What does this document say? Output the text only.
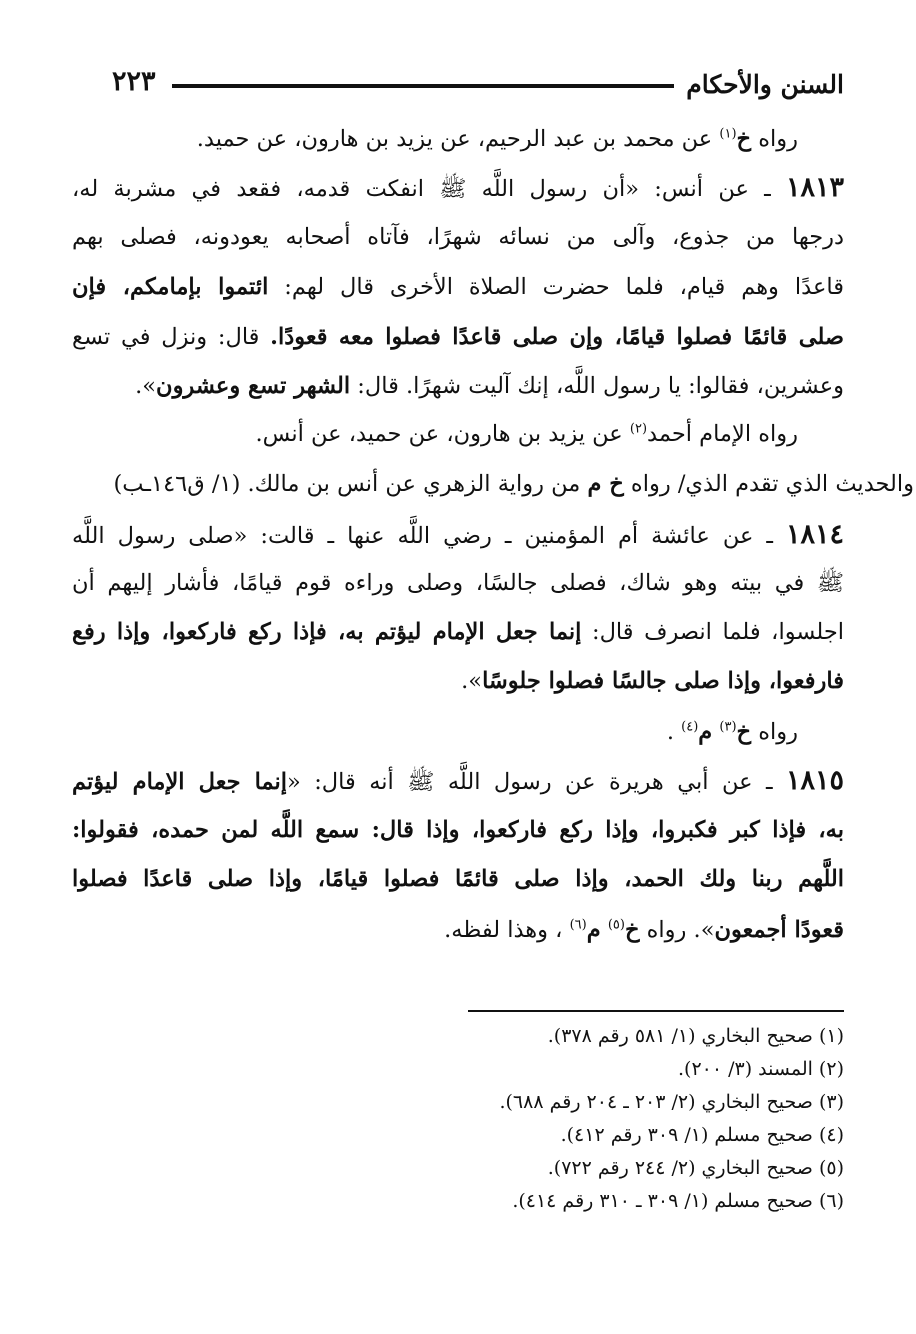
السنن والأحكام
٢٢٣
رواه خ$^{(١)}$ عن محمد بن عبد الرحيم، عن يزيد بن هارون، عن حميد.
١٨١٣ ـ عن أنس: «أن رسول اللَّه ﷺ انفكت قدمه، فقعد في مشربة له،
درجها من جذوع، وآلى من نسائه شهرًا، فآتاه أصحابه يعودونه، فصلى بهم
قاعدًا وهم قيام، فلما حضرت الصلاة الأخرى قال لهم: ائتموا بإمامكم، فإن
صلى قائمًا فصلوا قيامًا، وإن صلى قاعدًا فصلوا معه قعودًا. قال: ونزل في تسع
وعشرين، فقالوا: يا رسول اللَّه، إنك آليت شهرًا. قال: الشهر تسع وعشرون».
رواه الإمام أحمد$^{(٢)}$ عن يزيد بن هارون، عن حميد، عن أنس.
والحديث الذي تقدم الذي/ رواه خ م من رواية الزهري عن أنس بن مالك. (١/ ق١٤٦ـب)
١٨١٤ ـ عن عائشة أم المؤمنين ـ رضي اللَّه عنها ـ قالت: «صلى رسول اللَّه
ﷺ في بيته وهو شاك، فصلى جالسًا، وصلى وراءه قوم قيامًا، فأشار إليهم أن
اجلسوا، فلما انصرف قال: إنما جعل الإمام ليؤتم به، فإذا ركع فاركعوا، وإذا رفع
فارفعوا، وإذا صلى جالسًا فصلوا جلوسًا».
رواه خ$^{(٣)}$ م$^{(٤)}$ .
١٨١٥ ـ عن أبي هريرة عن رسول اللَّه ﷺ أنه قال: «إنما جعل الإمام ليؤتم
به، فإذا كبر فكبروا، وإذا ركع فاركعوا، وإذا قال: سمع اللَّه لمن حمده، فقولوا:
اللَّهم ربنا ولك الحمد، وإذا صلى قائمًا فصلوا قيامًا، وإذا صلى قاعدًا فصلوا
قعودًا أجمعون». رواه خ$^{(٥)}$ م$^{(٦)}$ ، وهذا لفظه.
(١) صحيح البخاري (١/ ٥٨١ رقم ٣٧٨).
(٢) المسند (٣/ ٢٠٠).
(٣) صحيح البخاري (٢/ ٢٠٣ ـ ٢٠٤ رقم ٦٨٨).
(٤) صحيح مسلم (١/ ٣٠٩ رقم ٤١٢).
(٥) صحيح البخاري (٢/ ٢٤٤ رقم ٧٢٢).
(٦) صحيح مسلم (١/ ٣٠٩ ـ ٣١٠ رقم ٤١٤).
